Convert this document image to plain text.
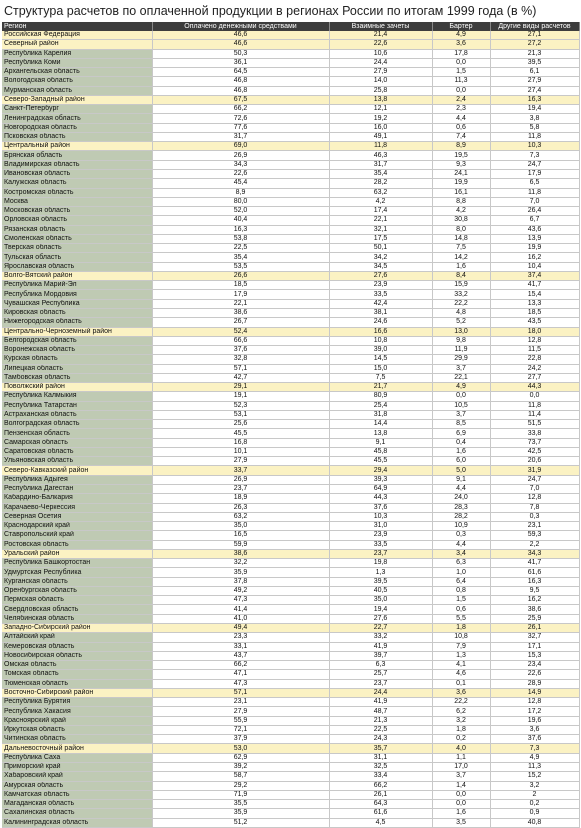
Структура расчетов по оплаченной продукции в регионах России по итогам 1999 года (в %)
Регион	Оплачено денежными средствами	Взаимные зачеты	Бартер	Другие виды расчетов
Российская Федерация	46,6	21,4	4,9	27,1
Северный район	46,6	22,6	3,6	27,2
Республика Карелия	50,3	10,6	17,8	21,3
Республика Коми	36,1	24,4	0,0	39,5
Архангельская область	64,5	27,9	1,5	6,1
Вологодская область	46,8	14,0	11,3	27,9
Мурманская область	46,8	25,8	0,0	27,4
Северо-Западный район	67,5	13,8	2,4	16,3
Санкт-Петербург	66,2	12,1	2,3	19,4
Ленинградская область	72,6	19,2	4,4	3,8
Новгородская область	77,6	16,0	0,6	5,8
Псковская область	31,7	49,1	7,4	11,8
Центральный район	69,0	11,8	8,9	10,3
Брянская область	26,9	46,3	19,5	7,3
Владимирская область	34,3	31,7	9,3	24,7
Ивановская область	22,6	35,4	24,1	17,9
Калужская область	45,4	28,2	19,9	6,5
Костромская область	8,9	63,2	16,1	11,8
Москва	80,0	4,2	8,8	7,0
Московская область	52,0	17,4	4,2	26,4
Орловская область	40,4	22,1	30,8	6,7
Рязанская область	16,3	32,1	8,0	43,6
Смоленская область	53,8	17,5	14,8	13,9
Тверская область	22,5	50,1	7,5	19,9
Тульская область	35,4	34,2	14,2	16,2
Ярославская область	53,5	34,5	1,6	10,4
Волго-Вятский район	26,6	27,6	8,4	37,4
Республика Марий-Эл	18,5	23,9	15,9	41,7
Республика Мордовия	17,9	33,5	33,2	15,4
Чувашская Республика	22,1	42,4	22,2	13,3
Кировская область	38,6	38,1	4,8	18,5
Нижегородская область	26,7	24,6	5,2	43,5
Центрально-Черноземный район	52,4	16,6	13,0	18,0
Белгородская область	66,6	10,8	9,8	12,8
Воронежская область	37,6	39,0	11,9	11,5
Курская область	32,8	14,5	29,9	22,8
Липецкая область	57,1	15,0	3,7	24,2
Тамбовская область	42,7	7,5	22,1	27,7
Поволжский район	29,1	21,7	4,9	44,3
Республика Калмыкия	19,1	80,9	0,0	0,0
Республика Татарстан	52,3	25,4	10,5	11,8
Астраханская область	53,1	31,8	3,7	11,4
Волгоградская область	25,6	14,4	8,5	51,5
Пензенская область	45,5	13,8	6,9	33,8
Самарская область	16,8	9,1	0,4	73,7
Саратовская область	10,1	45,8	1,6	42,5
Ульяновская область	27,9	45,5	6,0	20,6
Северо-Кавказский район	33,7	29,4	5,0	31,9
Республика Адыгея	26,9	39,3	9,1	24,7
Республика Дагестан	23,7	64,9	4,4	7,0
Кабардино-Балкария	18,9	44,3	24,0	12,8
Карачаево-Черкессия	26,3	37,6	28,3	7,8
Северная Осетия	63,2	10,3	28,2	0,3
Краснодарский край	35,0	31,0	10,9	23,1
Ставропольский край	16,5	23,9	0,3	59,3
Ростовская область	59,9	33,5	4,4	2,2
Уральский район	38,6	23,7	3,4	34,3
Республика Башкортостан	32,2	19,8	6,3	41,7
Удмуртская Республика	35,9	1,3	1,0	61,6
Курганская область	37,8	39,5	6,4	16,3
Оренбургская область	49,2	40,5	0,8	9,5
Пермская область	47,3	35,0	1,5	16,2
Свердловская область	41,4	19,4	0,6	38,6
Челябинская область	41,0	27,6	5,5	25,9
Западно-Сибирский район	49,4	22,7	1,8	26,1
Алтайский край	23,3	33,2	10,8	32,7
Кемеровская область	33,1	41,9	7,9	17,1
Новосибирская область	43,7	39,7	1,3	15,3
Омская область	66,2	6,3	4,1	23,4
Томская область	47,1	25,7	4,6	22,6
Тюменская область	47,3	23,7	0,1	28,9
Восточно-Сибирский район	57,1	24,4	3,6	14,9
Республика Бурятия	23,1	41,9	22,2	12,8
Республика Хакасия	27,9	48,7	6,2	17,2
Красноярский край	55,9	21,3	3,2	19,6
Иркутская область	72,1	22,5	1,8	3,6
Читинская область	37,9	24,3	0,2	37,6
Дальневосточный район	53,0	35,7	4,0	7,3
Республика Саха	62,9	31,1	1,1	4,9
Приморский край	39,2	32,5	17,0	11,3
Хабаровский край	58,7	33,4	3,7	15,2
Амурская область	29,2	66,2	1,4	3,2
Камчатская область	71,9	26,1	0,0	2
Магаданская область	35,5	64,3	0,0	0,2
Сахалинская область	35,9	61,6	1,6	0,9
Калининградская область	51,2	4,5	3,5	40,8
